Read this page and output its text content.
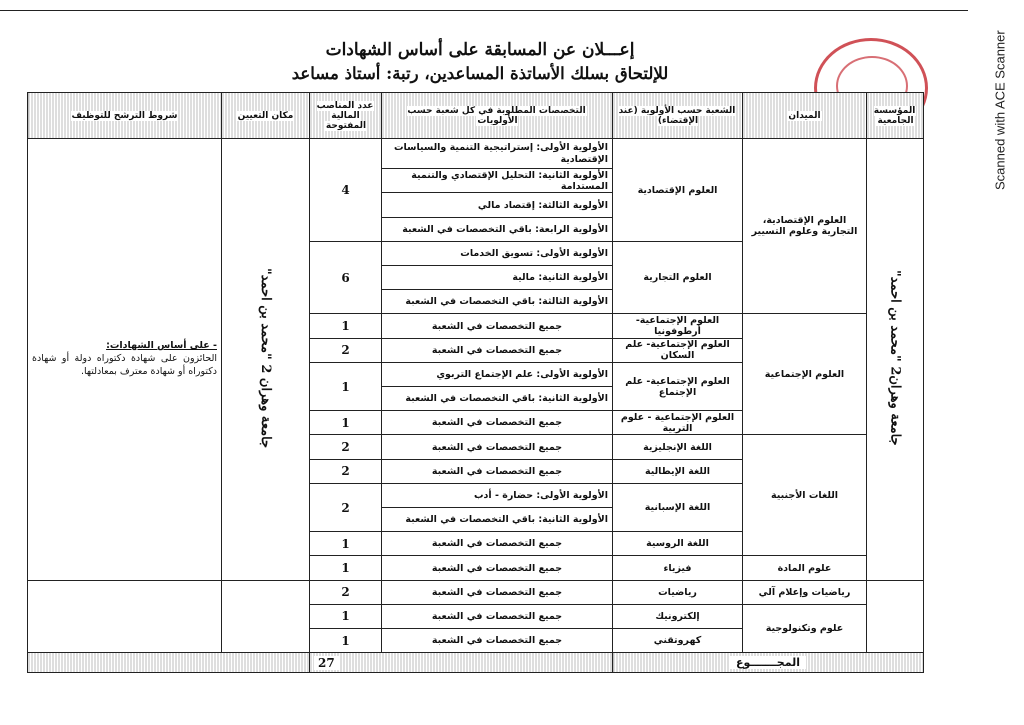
Scanned with ACE Scanner
إعـــلان عن المسابقة على أساس الشهادات
للإلتحاق بسلك الأساتذة المساعدين، رتبة: أستاذ مساعد
المؤسسة الجامعية	الميدان	الشعبة حسب الأولوية (عند الإقتضاء)	التخصصات المطلوبة في كل شعبة حسب الأولويات	عدد المناصب المالية المفتوحة	مكان التعيين	شروط الترشح للتوظيف
جامعة وهران2 "محمد بن احمد"	العلوم الإقتصادية، التجارية وعلوم التسيير	العلوم الإقتصادية	الأولوية الأولى: إستراتيجية التنمية والسياسات الإقتصادية	4	جامعة وهران 2 "محمد بن احمد"	- على أساس الشهادات:
الحائزون على شهادة دكتوراه دولة أو شهادة دكتوراه أو شهادة معترف بمعادلتها.

			الأولوية الثانية: التحليل الإقتصادي والتنمية المستدامة			
			الأولوية الثالثة: إقتصاد مالي			
			الأولوية الرابعة: باقي التخصصات في الشعبة			
		العلوم التجارية	الأولوية الأولى: تسويق الخدمات	6		
			الأولوية الثانية: مالية			
			الأولوية الثالثة: باقي التخصصات في الشعبة			
	العلوم الإجتماعية	العلوم الإجتماعية- أرطوفونيا	جميع التخصصات في الشعبة	1		
		العلوم الإجتماعية- علم السكان	جميع التخصصات في الشعبة	2		
		العلوم الإجتماعية- علم الإجتماع	الأولوية الأولى: علم الإجتماع التربوي	1		
			الأولوية الثانية: باقي التخصصات في الشعبة			
		العلوم الإجتماعية - علوم التربية	جميع التخصصات في الشعبة	1		
	اللغات الأجنبية	اللغة الإنجليزية	جميع التخصصات في الشعبة	2		
		اللغة الإيطالية	جميع التخصصات في الشعبة	2		
		اللغة الإسبانية	الأولوية الأولى: حضارة - أدب	2		
			الأولوية الثانية: باقي التخصصات في الشعبة			
		اللغة الروسية	جميع التخصصات في الشعبة	1		
	علوم المادة	فيزياء	جميع التخصصات في الشعبة	1		
	رياضيات وإعلام آلي	رياضيات	جميع التخصصات في الشعبة	2		
	علوم وتكنولوجية	إلكترونيك	جميع التخصصات في الشعبة	1		
		كهروتقني	جميع التخصصات في الشعبة	1		
المجـــــــوع			27			
